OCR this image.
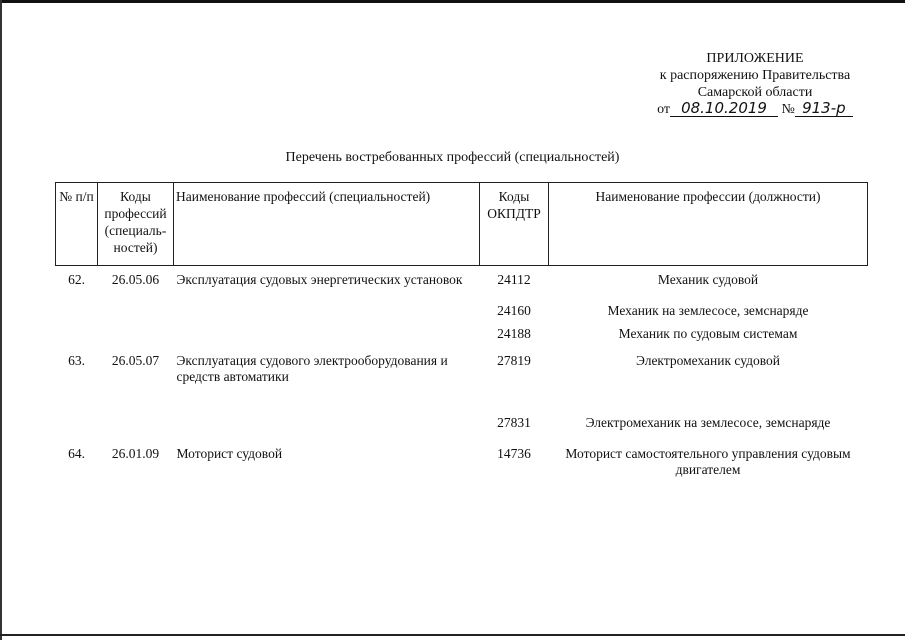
ПРИЛОЖЕНИЕ
к распоряжению Правительства
Самарской области
от 08.10.2019 № 913-р
Перечень востребованных профессий (специальностей)
№ п/п	Коды профессий (специаль-ностей)	Наименование профессий (специальностей)	Коды ОКПДТР	Наименование профессии (должности)
62.	26.05.06	Эксплуатация судовых энергетических установок	24112	Механик судовой
			24160	Механик на землесосе, земснаряде
			24188	Механик по судовым системам
63.	26.05.07	Эксплуатация судового электрооборудования и средств автоматики	27819	Электромеханик судовой
			27831	Электромеханик на землесосе, земснаряде
64.	26.01.09	Моторист судовой	14736	Моторист самостоятельного управления судовым двигателем
